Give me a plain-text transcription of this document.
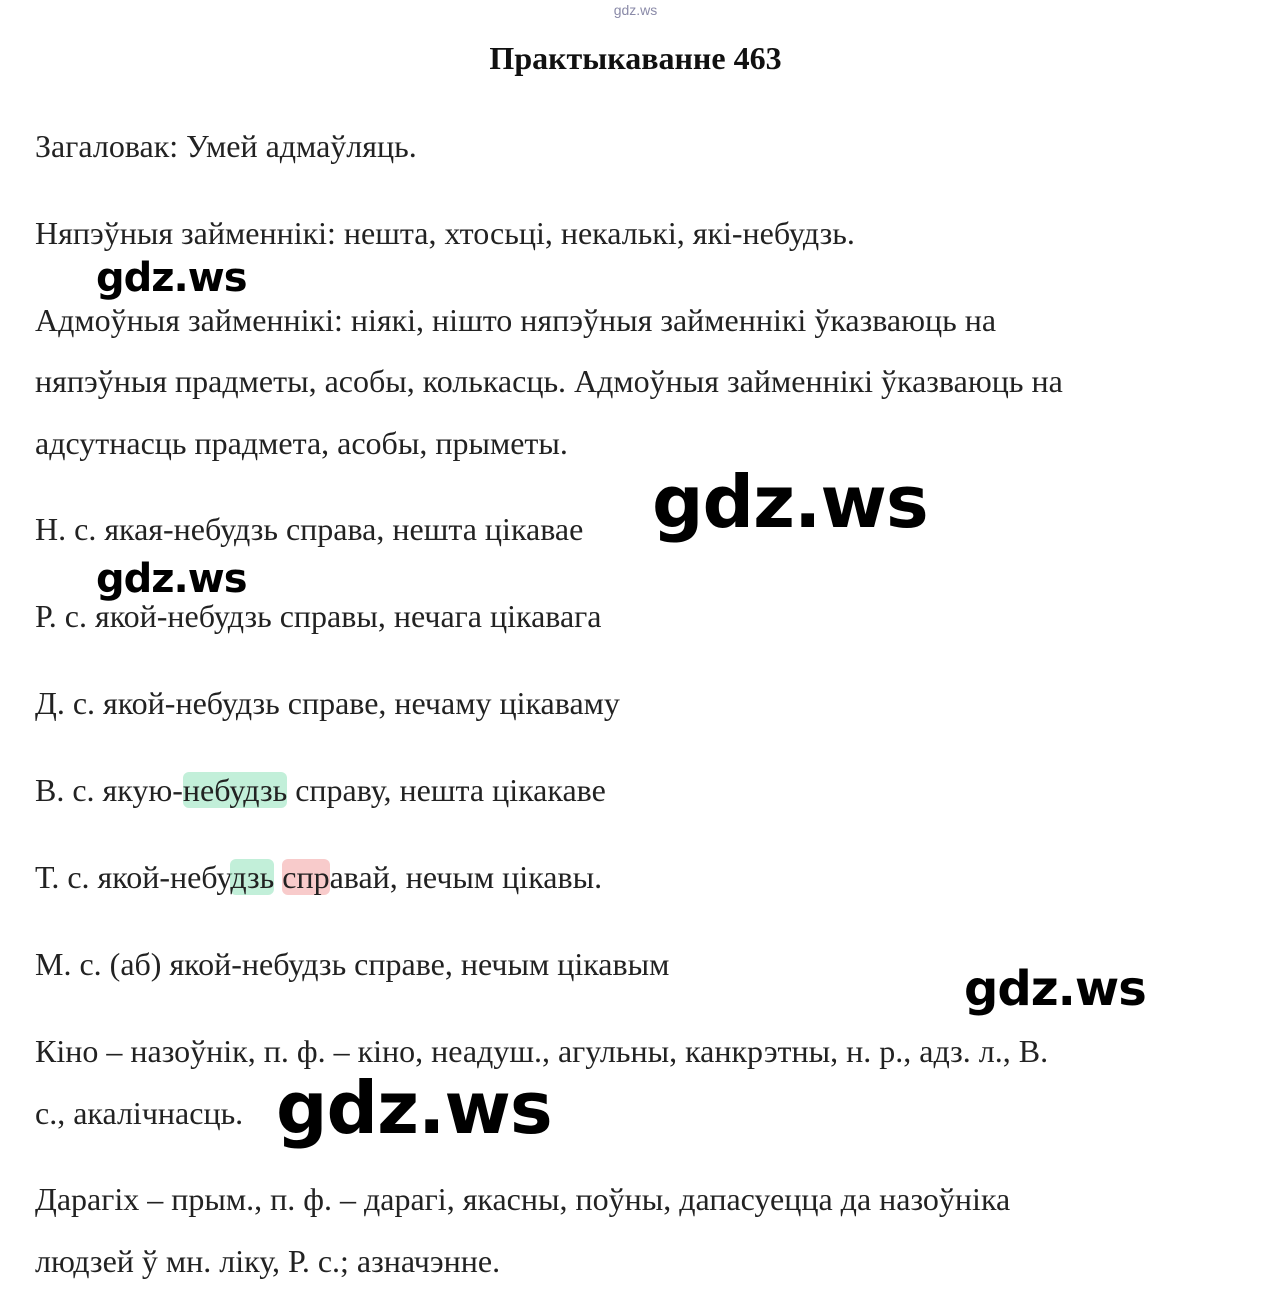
gdz.ws
Практыкаванне 463
Загаловак: Умей адмаўляць.
Няпэўныя займеннікі: нешта, хтосьці, некалькі, які-небудзь.
Адмоўныя займеннікі: ніякі, нішто няпэўныя займеннікі ўказваюць на
няпэўныя прадметы, асобы, колькасць. Адмоўныя займеннікі ўказваюць на
адсутнасць прадмета, асобы, прыметы.
Н. с. якая-небудзь справа, нешта цікавае
Р. с. якой-небудзь справы, нечага цікавага
Д. с. якой-небудзь справе, нечаму цікаваму
В. с. якую-небудзь справу, нешта цікакаве
Т. с. якой-небудзь справай, нечым цікавы.
М. с. (аб) якой-небудзь справе, нечым цікавым
Кіно – назоўнік, п. ф. – кіно, неадуш., агульны, канкрэтны, н. р., адз. л., В.
с., акалічнасць.
Дарагіх – прым., п. ф. – дарагі, якасны, поўны, дапасуецца да назоўніка
людзей ў мн. ліку, Р. с.; азначэнне.
gdz.ws
gdz.ws
gdz.ws
gdz.ws
gdz.ws
